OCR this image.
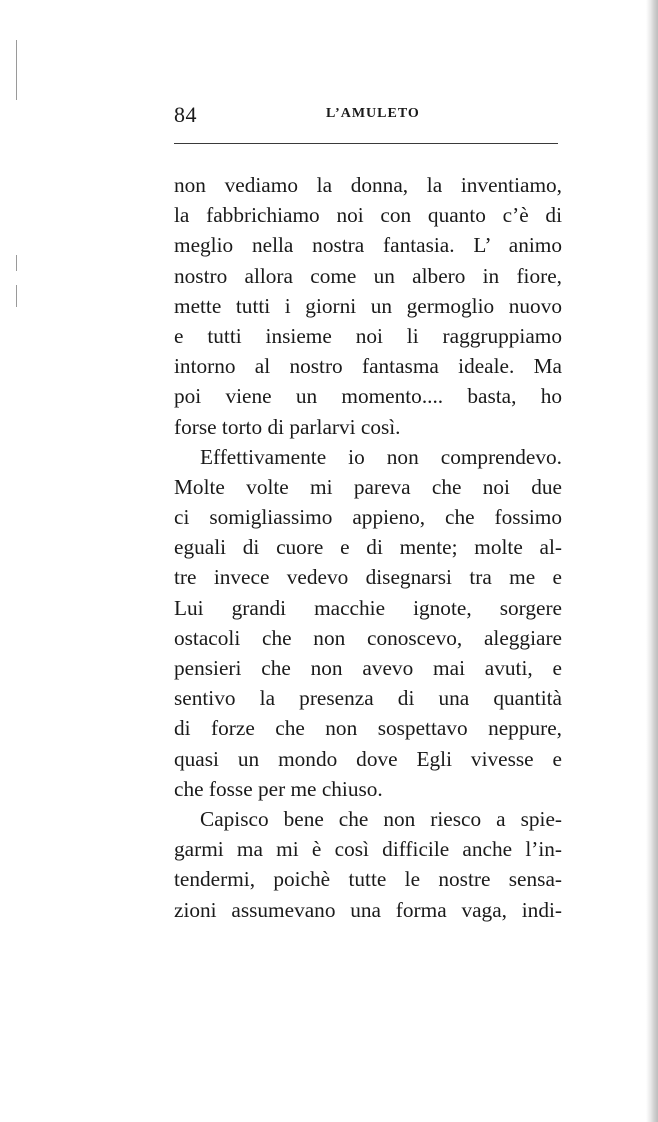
84	L’AMULETO
non vediamo la donna, la inventiamo,
la fabbrichiamo noi con quanto c’è di
meglio nella nostra fantasia. L’ animo
nostro allora come un albero in fiore,
mette tutti i giorni un germoglio nuovo
e tutti insieme noi li raggruppiamo
intorno al nostro fantasma ideale. Ma
poi viene un momento.... basta, ho
forse torto di parlarvi così.
Effettivamente io non comprendevo.
Molte volte mi pareva che noi due
ci somigliassimo appieno, che fossimo
eguali di cuore e di mente; molte al-
tre invece vedevo disegnarsi tra me e
Lui grandi macchie ignote, sorgere
ostacoli che non conoscevo, aleggiare
pensieri che non avevo mai avuti, e
sentivo la presenza di una quantità
di forze che non sospettavo neppure,
quasi un mondo dove Egli vivesse e
che fosse per me chiuso.
Capisco bene che non riesco a spie-
garmi ma mi è così difficile anche l’in-
tendermi, poichè tutte le nostre sensa-
zioni assumevano una forma vaga, indi-
